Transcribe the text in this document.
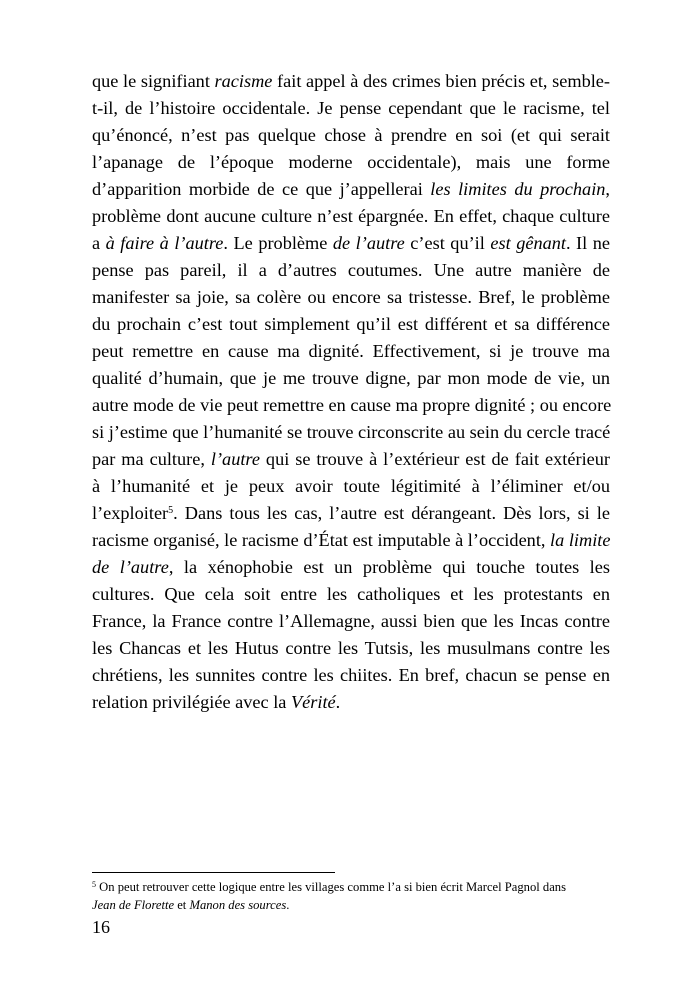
que le signifiant racisme fait appel à des crimes bien précis et, semble-
t-il, de l’histoire occidentale. Je pense cependant que le racisme, tel
qu’énoncé, n’est pas quelque chose à prendre en soi (et qui serait
l’apanage de l’époque moderne occidentale), mais une forme
d’apparition morbide de ce que j’appellerai les limites du prochain,
problème dont aucune culture n’est épargnée. En effet, chaque culture
a à faire à l’autre. Le problème de l’autre c’est qu’il est gênant. Il ne
pense pas pareil, il a d’autres coutumes. Une autre manière de
manifester sa joie, sa colère ou encore sa tristesse. Bref, le problème
du prochain c’est tout simplement qu’il est différent et sa différence
peut remettre en cause ma dignité. Effectivement, si je trouve ma
qualité d’humain, que je me trouve digne, par mon mode de vie, un
autre mode de vie peut remettre en cause ma propre dignité ; ou encore
si j’estime que l’humanité se trouve circonscrite au sein du cercle tracé
par ma culture, l’autre qui se trouve à l’extérieur est de fait extérieur
à l’humanité et je peux avoir toute légitimité à l’éliminer et/ou
l’exploiter$^5$. Dans tous les cas, l’autre est dérangeant. Dès lors, si le
racisme organisé, le racisme d’État est imputable à l’occident, la limite
de l’autre, la xénophobie est un problème qui touche toutes les
cultures. Que cela soit entre les catholiques et les protestants en
France, la France contre l’Allemagne, aussi bien que les Incas contre
les Chancas et les Hutus contre les Tutsis, les musulmans contre les
chrétiens, les sunnites contre les chiites. En bref, chacun se pense en
relation privilégiée avec la Vérité.
$^5$ On peut retrouver cette logique entre les villages comme l’a si bien écrit Marcel Pagnol dans
Jean de Florette et Manon des sources.
16
